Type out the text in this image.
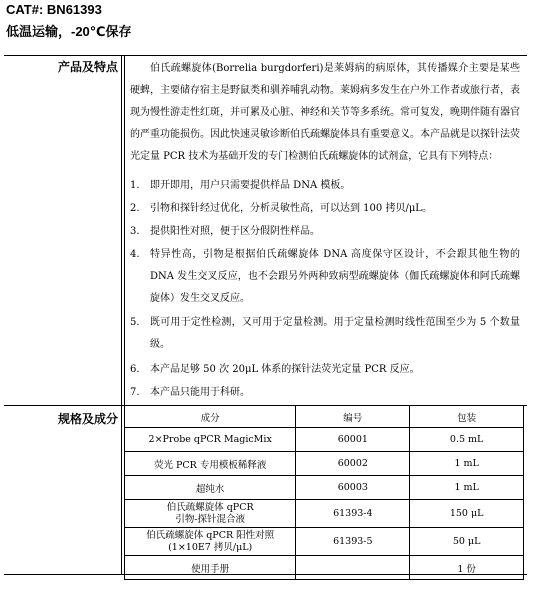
CAT#: BN61393
低温运输，-20℃保存
产品及特点	伯氏疏螺旋体(Borrelia burgdorferi)是莱姆病的病原体，其传播媒介主要是某些硬蜱，主要储存宿主是野鼠类和驯养哺乳动物。莱姆病多发生在户外工作者或旅行者，表现为慢性游走性红斑，并可累及心脏、神经和关节等多系统。常可复发，晚期伴随有器官的严重功能损伤。因此快速灵敏诊断伯氏疏螺旋体具有重要意义。本产品就是以探针法荧光定量 PCR 技术为基础开发的专门检测伯氏疏螺旋体的试剂盒，它具有下列特点：
1. 即开即用，用户只需要提供样品 DNA 模板。
2. 引物和探针经过优化，分析灵敏性高，可以达到 100 拷贝/μL。
3. 提供阳性对照，便于区分假阴性样品。
4. 特异性高，引物是根据伯氏疏螺旋体 DNA 高度保守区设计，不会跟其他生物的 DNA 发生交叉反应，也不会跟另外两种致病型疏螺旋体（伽氏疏螺旋体和阿氏疏螺旋体）发生交叉反应。
5. 既可用于定性检测，又可用于定量检测。用于定量检测时线性范围至少为 5 个数量级。
6. 本产品足够 50 次 20μL 体系的探针法荧光定量 PCR 反应。
7. 本产品只能用于科研。
规格及成分	成分	编号	包装
2×Probe qPCR MagicMix	60001	0.5 mL
荧光 PCR 专用模板稀释液	60002	1 mL
超纯水	60003	1 mL
伯氏疏螺旋体 qPCR
引物-探针混合液	61393-4	150 μL
伯氏疏螺旋体 qPCR 阳性对照
(1×10E7 拷贝/μL)	61393-5	50 μL
使用手册		1 份
